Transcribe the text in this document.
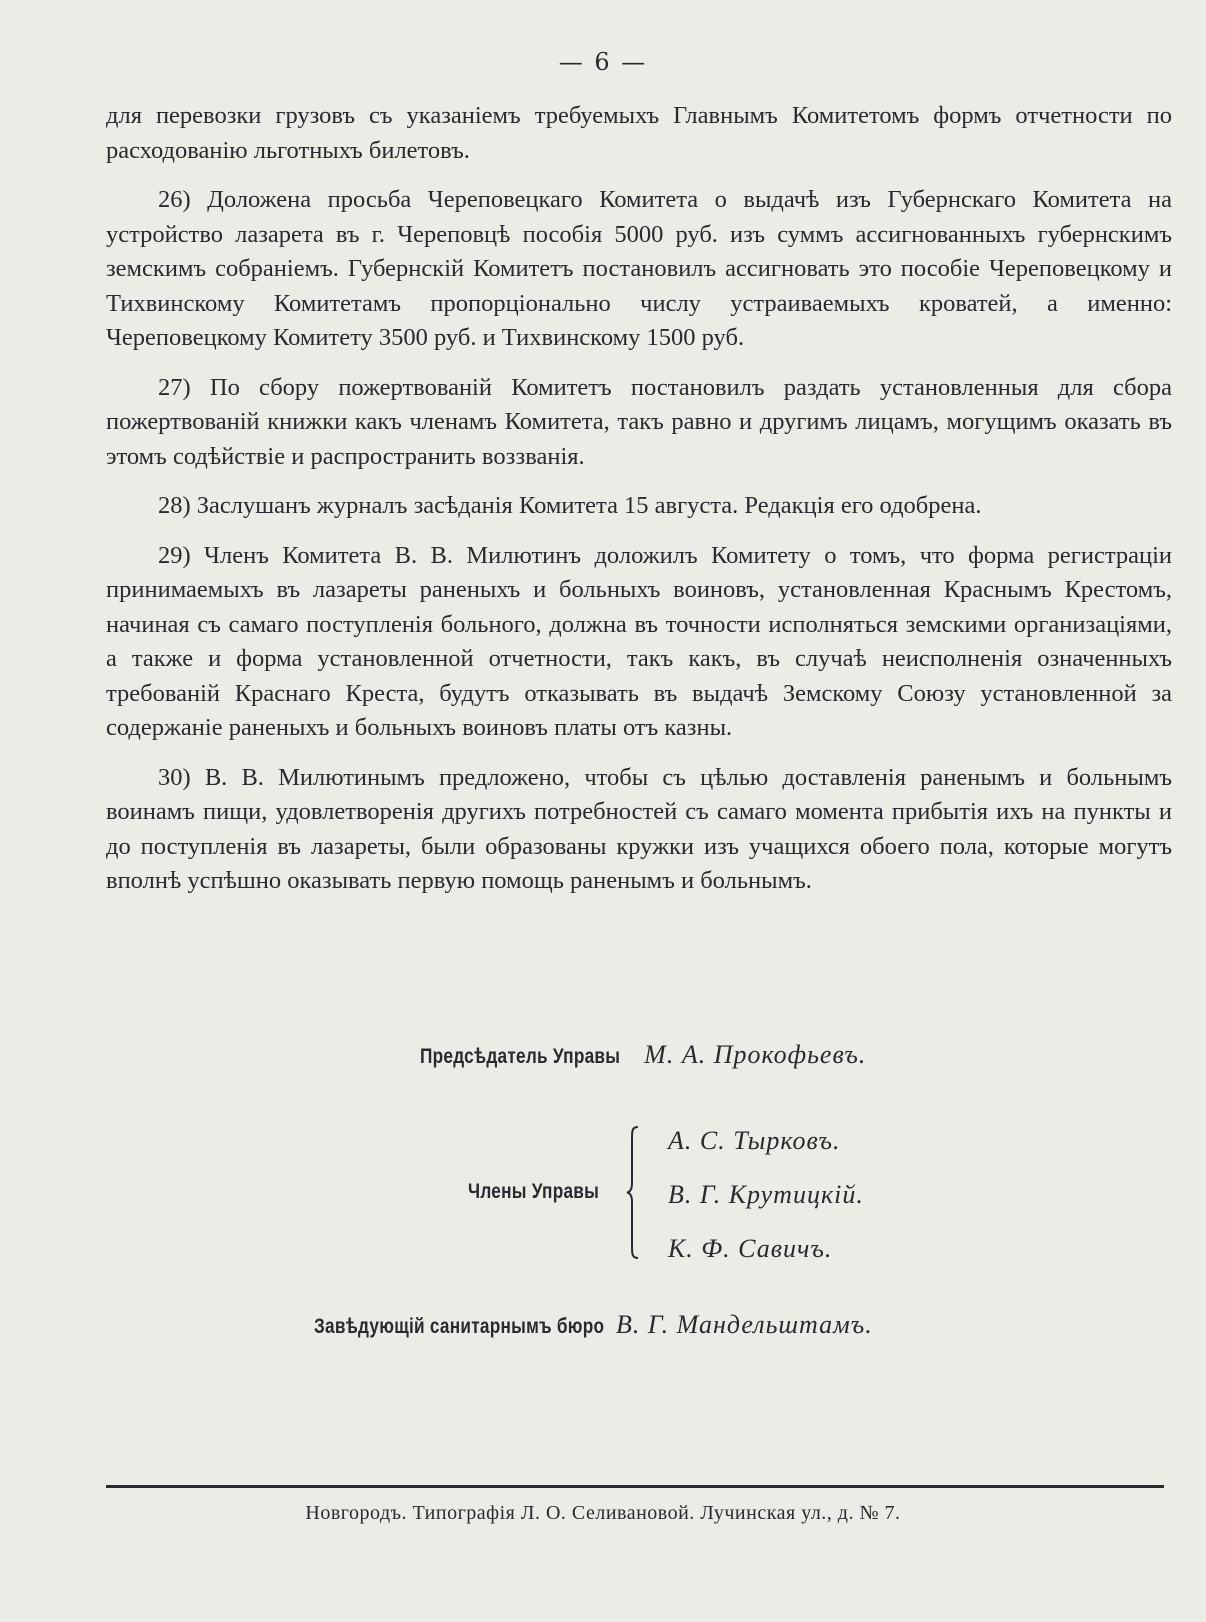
— 6 —

для перевозки грузовъ съ указаніемъ требуемыхъ Главнымъ Комитетомъ формъ отчетности по расходованію льготныхъ билетовъ.

26) Доложена просьба Череповецкаго Комитета о выдачѣ изъ Губернскаго Комитета на устройство лазарета въ г. Череповцѣ пособія 5000 руб. изъ суммъ ассигнованныхъ губернскимъ земскимъ собраніемъ. Губернскій Комитетъ постановилъ ассигновать это пособіе Череповецкому и Тихвинскому Комитетамъ пропорціонально числу устраиваемыхъ кроватей, а именно: Череповецкому Комитету 3500 руб. и Тихвинскому 1500 руб.

27) По сбору пожертвованій Комитетъ постановилъ раздать установленныя для сбора пожертвованій книжки какъ членамъ Комитета, такъ равно и другимъ лицамъ, могущимъ оказать въ этомъ содѣйствіе и распространить воззванія.

28) Заслушанъ журналъ засѣданія Комитета 15 августа. Редакція его одобрена.

29) Членъ Комитета В. В. Милютинъ доложилъ Комитету о томъ, что форма регистраціи принимаемыхъ въ лазареты раненыхъ и больныхъ воиновъ, установленная Краснымъ Крестомъ, начиная съ самаго поступленія больного, должна въ точности исполняться земскими организаціями, а также и форма установленной отчетности, такъ какъ, въ случаѣ неисполненія означенныхъ требованій Краснаго Креста, будутъ отказывать въ выдачѣ Земскому Союзу установленной за содержаніе раненыхъ и больныхъ воиновъ платы отъ казны.

30) В. В. Милютинымъ предложено, чтобы съ цѣлью доставленія раненымъ и больнымъ воинамъ пищи, удовлетворенія другихъ потребностей съ самаго момента прибытія ихъ на пункты и до поступленія въ лазареты, были образованы кружки изъ учащихся обоего пола, которые могутъ вполнѣ успѣшно оказывать первую помощь раненымъ и больнымъ.

Предсѣдатель Управы М. А. Прокофьевъ.
Члены Управы
А. С. Тырковъ.
В. Г. Крутицкій.
К. Ф. Савичъ.
Завѣдующій санитарнымъ бюро В. Г. Мандельштамъ.
Новгородъ. Типографія Л. О. Селивановой. Лучинская ул., д. № 7.
